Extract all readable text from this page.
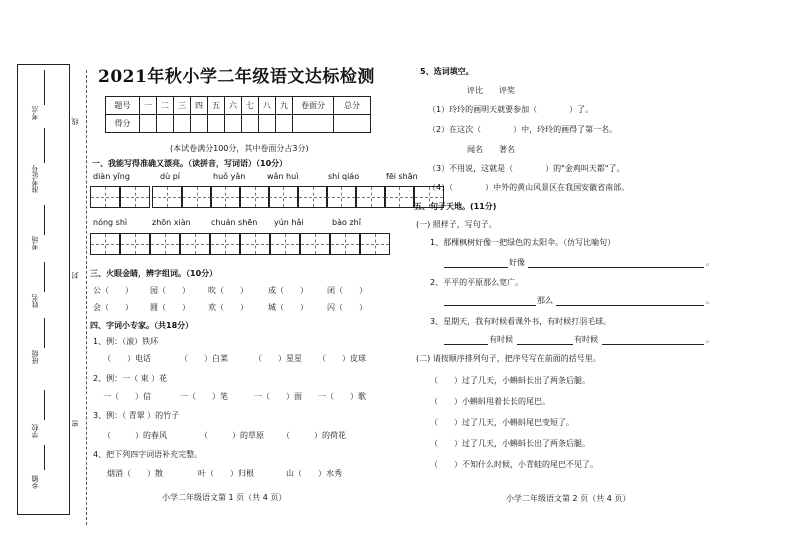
考点
线
准考证号
考场
封
姓名
班级
密
学校
乡镇
2021年秋小学二年级语文达标检测
题号	一	二	三	四	五	六	七	八	九	卷面分	总分
得分											
(本试卷满分100分，其中卷面分占3分)
一、我能写得准确又漂亮。（读拼音，写词语）（10分）
diàn yǐng	dù pí	huǒ yǎn	wǎn huì	shí qiáo	fēi shān
nóng shì	zhōn xiàn	chuán shēn yún hǎi	bào zhǐ
三、火眼金睛，辨字组词。（10分）
公（　　） 园（　　） 吹（　　）	成（　　） 闭（　　）
会（　　） 圆（　　） 欢（　　）	城（　　） 闪（　　）
四、字词小专家。（共18分）
1、例：（滚）铁环
（　　）电话	（　　）白菜	（　　）星星 （　　）皮球
2、例：一（ 束 ）花
一（　　）信	一（　　）笔	一（　　）面 一（　　）歌
3、例：（ 青翠 ）的竹子
（　　　）的春风	（　　　）的草原 （　　　）的荷花
4、把下列四字词语补充完整。
烟消（　　）散	叶（　　）归根	山（　　）水秀
小学二年级语文第 1 页（共 4 页）
5、选词填空。
评比　　评奖
（1）玲玲的画明天就要参加（　　　　）了。
（2）在这次（　　　　）中，玲玲的画得了第一名。
闻名　　著名
（3）不用说，这就是（　　　　）的"金鸡叫天都"了。
（4）（　　　　）中外的黄山风景区在我国安徽省南部。
五、句子天地。(11分)
(一) 照样子，写句子。
1、那棵枫树好像一把绿色的太阳伞。（仿写比喻句）
好像	。
2、平平的平原那么宽广。
那么	。
3、星期天，我有时候看课外书，有时候打羽毛球。
有时候	有时候	。
(二) 请按顺序排列句子，把序号写在前面的括号里。
（　　）过了几天，小蝌蚪长出了两条后腿。
（　　）小蝌蚪甩着长长的尾巴。
（　　）过了几天，小蝌蚪尾巴变短了。
（　　）过了几天，小蝌蚪长出了两条后腿。
（　　）不知什么时候，小青蛙的尾巴不见了。
小学二年级语文第 2 页（共 4 页）
